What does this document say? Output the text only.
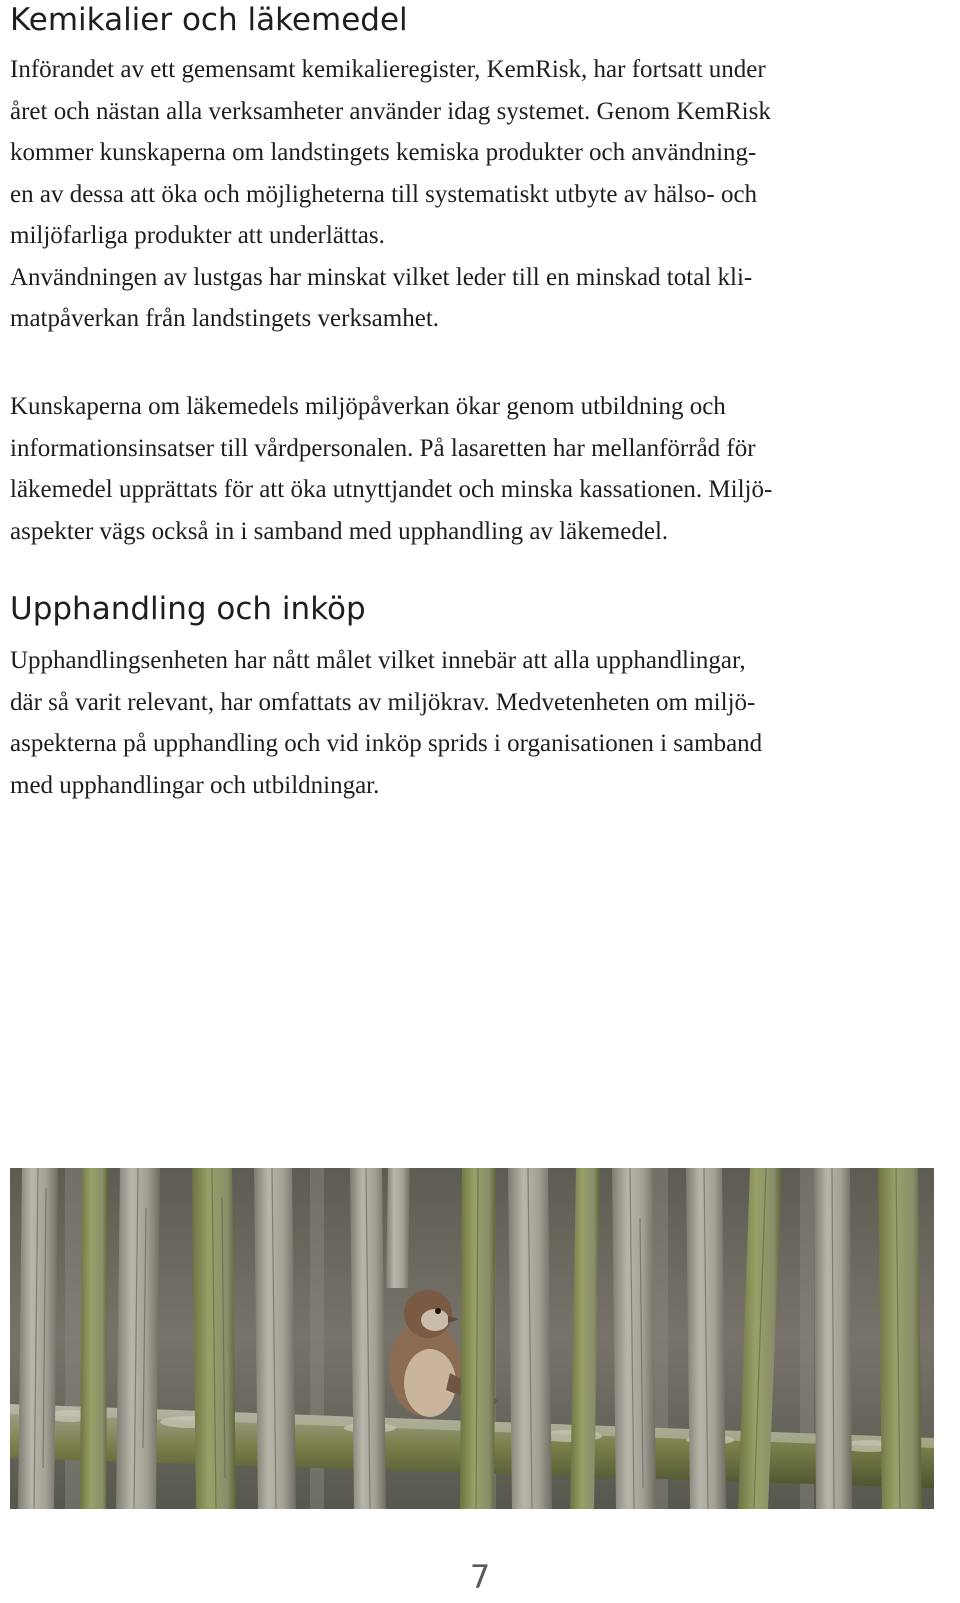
Kemikalier och läkemedel
Införandet av ett gemensamt kemikalieregister, KemRisk, har fortsatt under
året och nästan alla verksamheter använder idag systemet. Genom KemRisk
kommer kunskaperna om landstingets kemiska produkter och användning-
en av dessa att öka och möjligheterna till systematiskt utbyte av hälso- och
miljöfarliga produkter att underlättas.
Användningen av lustgas har minskat vilket leder till en minskad total kli-
matpåverkan från landstingets verksamhet.
Kunskaperna om läkemedels miljöpåverkan ökar genom utbildning och
informationsinsatser till vårdpersonalen. På lasaretten har mellanförråd för
läkemedel upprättats för att öka utnyttjandet och minska kassationen. Miljö-
aspekter vägs också in i samband med upphandling av läkemedel.
Upphandling och inköp
Upphandlingsenheten har nått målet vilket innebär att alla upphandlingar,
där så varit relevant, har omfattats av miljökrav. Medvetenheten om miljö-
aspekterna på upphandling och vid inköp sprids i organisationen i samband
med upphandlingar och utbildningar.
7
